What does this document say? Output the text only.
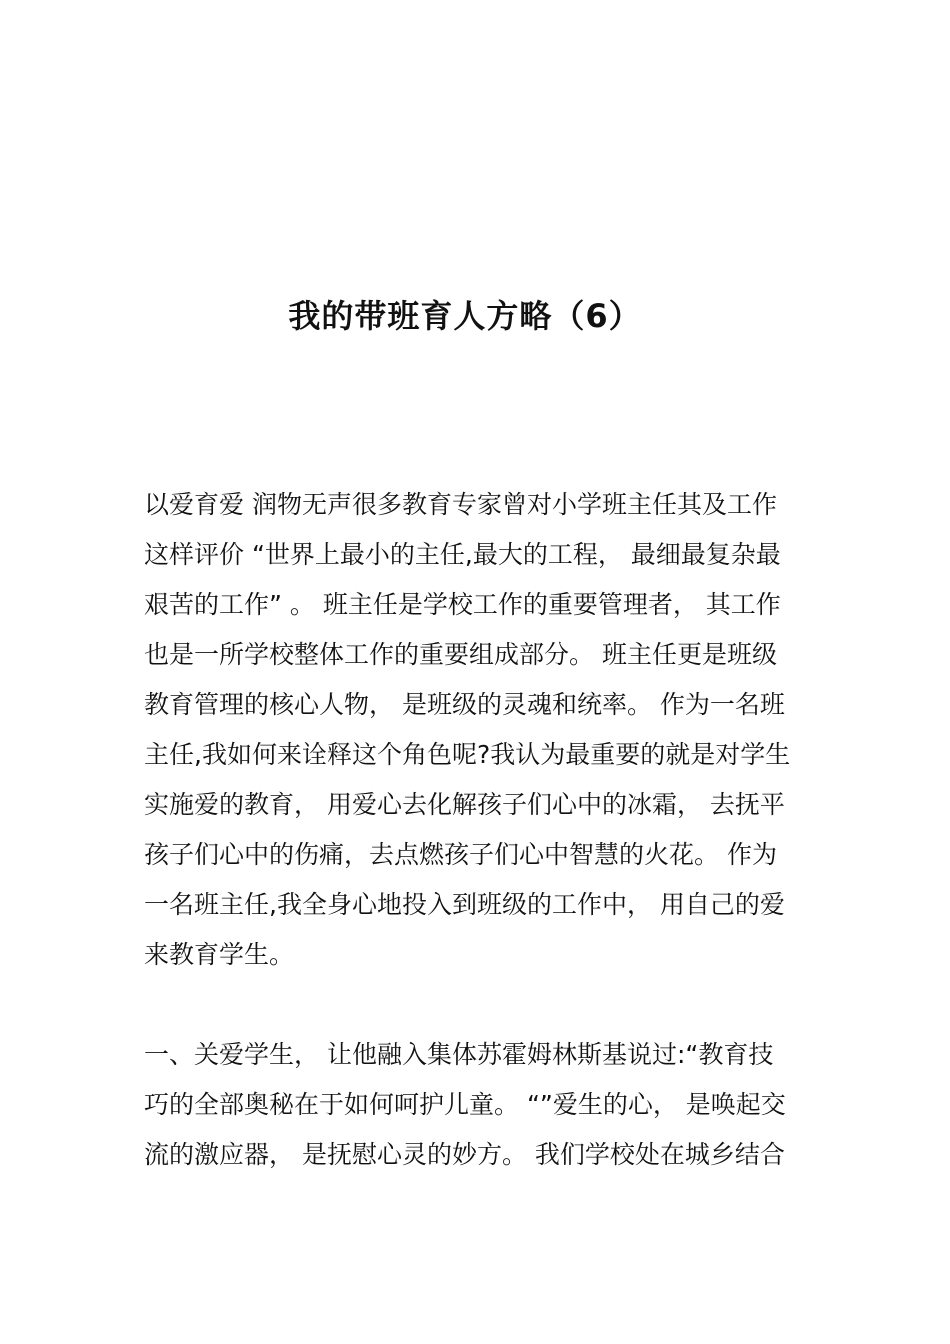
我的带班育人方略（6）
以爱育爱 润物无声很多教育专家曾对小学班主任其及工作
这样评价 “世界上最小的主任,最大的工程， 最细最复杂最
艰苦的工作” 。 班主任是学校工作的重要管理者， 其工作
也是一所学校整体工作的重要组成部分。 班主任更是班级
教育管理的核心人物， 是班级的灵魂和统率。 作为一名班
主任,我如何来诠释这个角色呢?我认为最重要的就是对学生
实施爱的教育， 用爱心去化解孩子们心中的冰霜， 去抚平
孩子们心中的伤痛，去点燃孩子们心中智慧的火花。 作为
一名班主任,我全身心地投入到班级的工作中， 用自己的爱
来教育学生。
一、关爱学生， 让他融入集体苏霍姆林斯基说过:“教育技
巧的全部奥秘在于如何呵护儿童。 “”爱生的心， 是唤起交
流的激应器， 是抚慰心灵的妙方。 我们学校处在城乡结合
